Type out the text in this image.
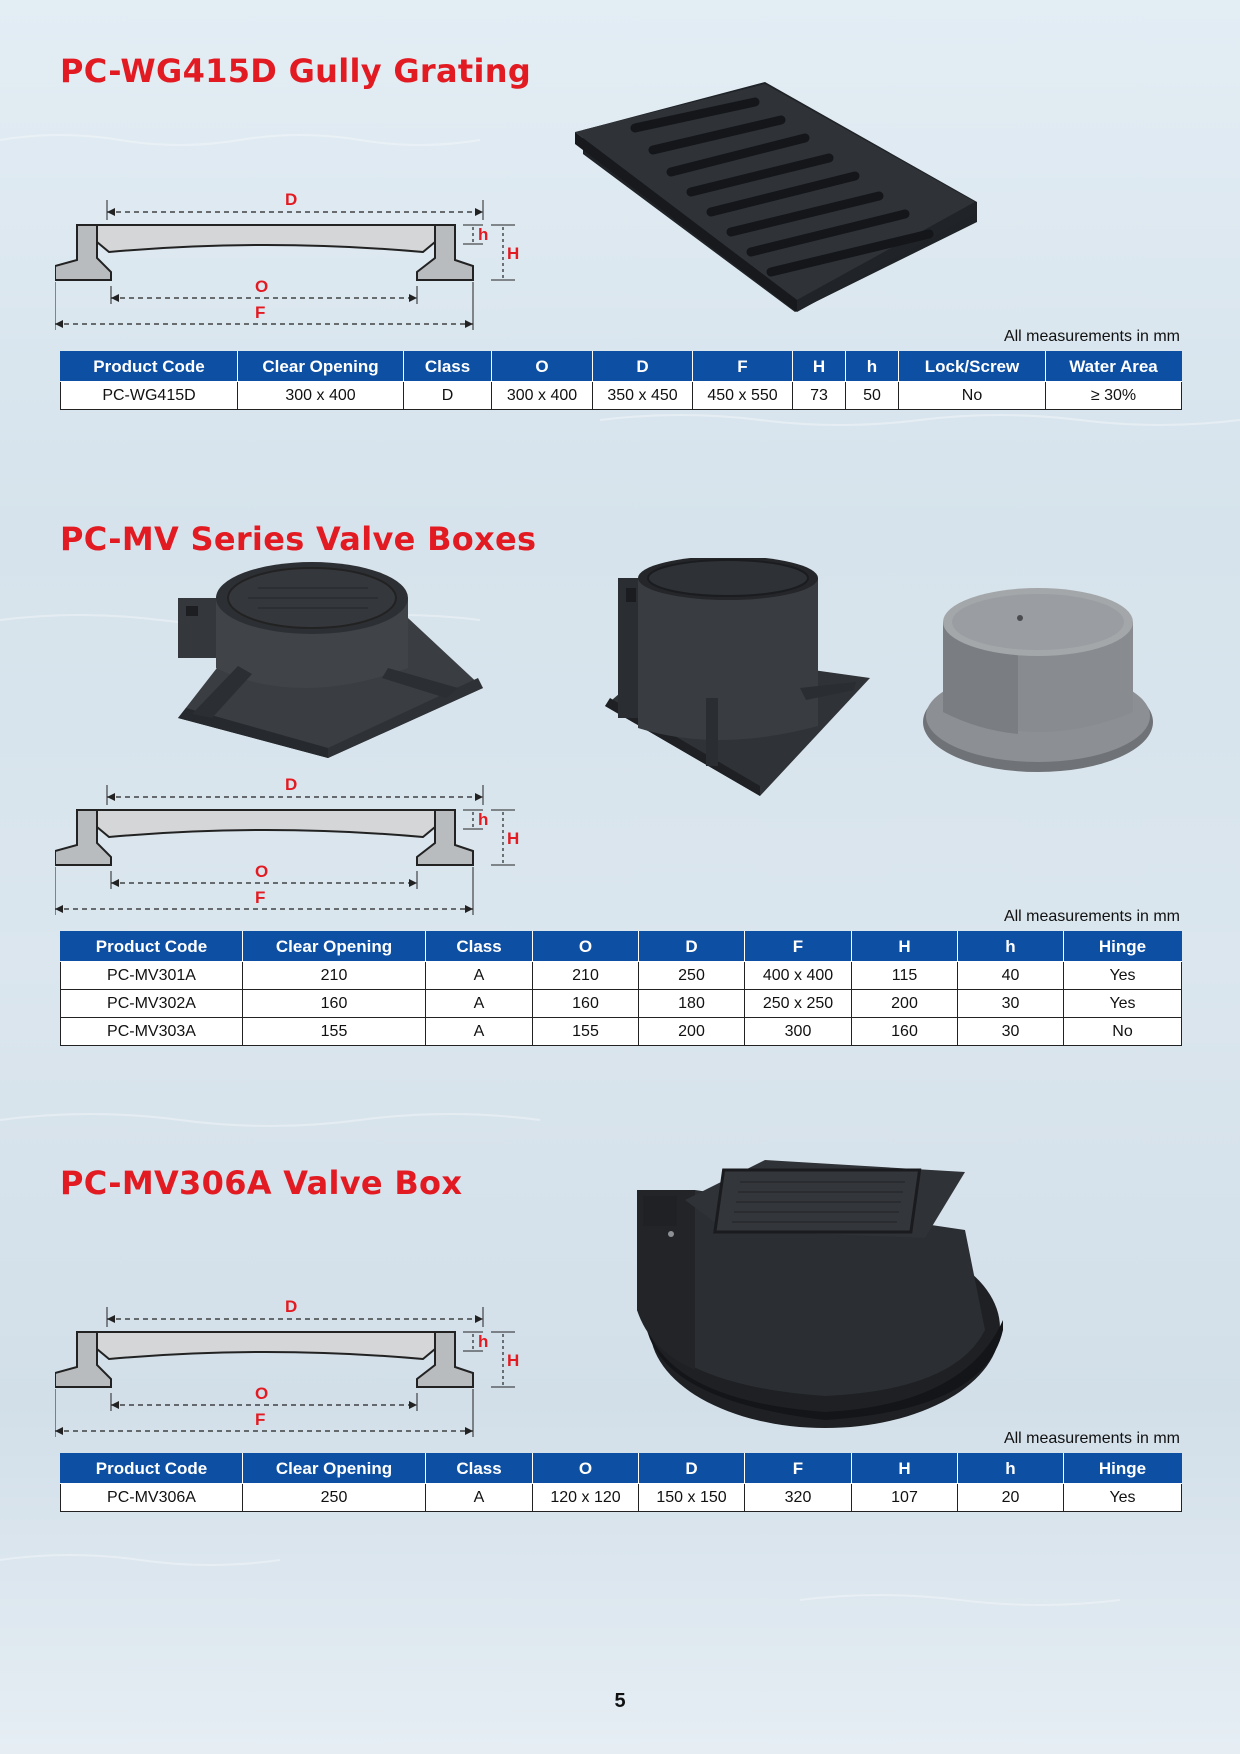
PC-WG415D Gully Grating
D
h
H
O
F
All measurements in mm
Product Code	Clear Opening	Class	O	D	F	H	h	Lock/Screw	Water Area
PC-WG415D	300 x 400	D	300 x 400	350 x 450	450 x 550	73	50	No	≥ 30%
PC-MV Series Valve Boxes
D
h
H
O
F
All measurements in mm
Product Code	Clear Opening	Class	O	D	F	H	h	Hinge
PC-MV301A	210	A	210	250	400 x 400	115	40	Yes
PC-MV302A	160	A	160	180	250 x 250	200	30	Yes
PC-MV303A	155	A	155	200	300	160	30	No
PC-MV306A Valve Box
D
h
H
O
F
All measurements in mm
Product Code	Clear Opening	Class	O	D	F	H	h	Hinge
PC-MV306A	250	A	120 x 120	150 x 150	320	107	20	Yes
5
